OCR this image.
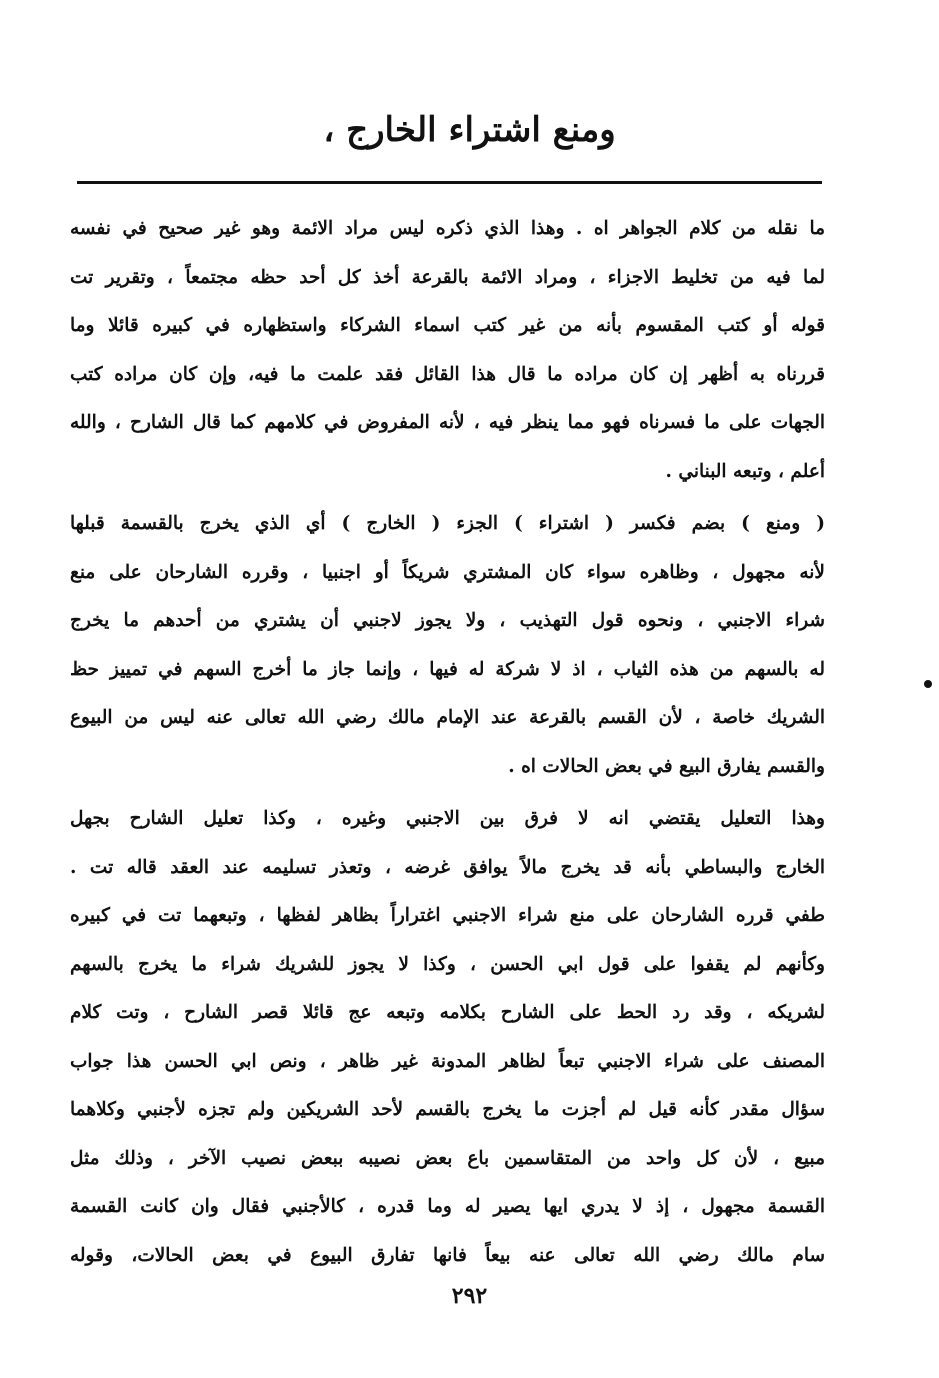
ومنع اشتراء الخارج ،
ما نقله من كلام الجواهر اه . وهذا الذي ذكره ليس مراد الائمة وهو غير صحيح في نفسه
لما فيه من تخليط الاجزاء ، ومراد الائمة بالقرعة أخذ كل أحد حظه مجتمعاً ، وتقرير تت
قوله أو كتب المقسوم بأنه من غير كتب اسماء الشركاء واستظهاره في كبيره قائلا وما
قررناه به أظهر إن كان مراده ما قال هذا القائل فقد علمت ما فيه، وإن كان مراده كتب
الجهات على ما فسرناه فهو مما ينظر فيه ، لأنه المفروض في كلامهم كما قال الشارح ، والله
أعلم ، وتبعه البناني .
( ومنع ) بضم فكسر ( اشتراء ) الجزء ( الخارج ) أي الذي يخرج بالقسمة قبلها
لأنه مجهول ، وظاهره سواء كان المشتري شريكاً أو اجنبيا ، وقرره الشارحان على منع
شراء الاجنبي ، ونحوه قول التهذيب ، ولا يجوز لاجنبي أن يشتري من أحدهم ما يخرج
له بالسهم من هذه الثياب ، اذ لا شركة له فيها ، وإنما جاز ما أخرج السهم في تمييز حظ
الشريك خاصة ، لأن القسم بالقرعة عند الإمام مالك رضي الله تعالى عنه ليس من البيوع
والقسم يفارق البيع في بعض الحالات اه .
وهذا التعليل يقتضي انه لا فرق بين الاجنبي وغيره ، وكذا تعليل الشارح بجهل
الخارج والبساطي بأنه قد يخرج مالاً يوافق غرضه ، وتعذر تسليمه عند العقد قاله تت .
طفي قرره الشارحان على منع شراء الاجنبي اغتراراً بظاهر لفظها ، وتبعهما تت في كبيره
وكأنهم لم يقفوا على قول ابي الحسن ، وكذا لا يجوز للشريك شراء ما يخرج بالسهم
لشريكه ، وقد رد الحط على الشارح بكلامه وتبعه عج قائلا قصر الشارح ، وتت كلام
المصنف على شراء الاجنبي تبعاً لظاهر المدونة غير ظاهر ، ونص ابي الحسن هذا جواب
سؤال مقدر كأنه قيل لم أجزت ما يخرج بالقسم لأحد الشريكين ولم تجزه لأجنبي وكلاهما
مبيع ، لأن كل واحد من المتقاسمين باع بعض نصيبه ببعض نصيب الآخر ، وذلك مثل
القسمة مجهول ، إذ لا يدري ايها يصير له وما قدره ، كالأجنبي فقال وان كانت القسمة
سام مالك رضي الله تعالى عنه بيعاً فانها تفارق البيوع في بعض الحالات، وقوله
٢٩٢
